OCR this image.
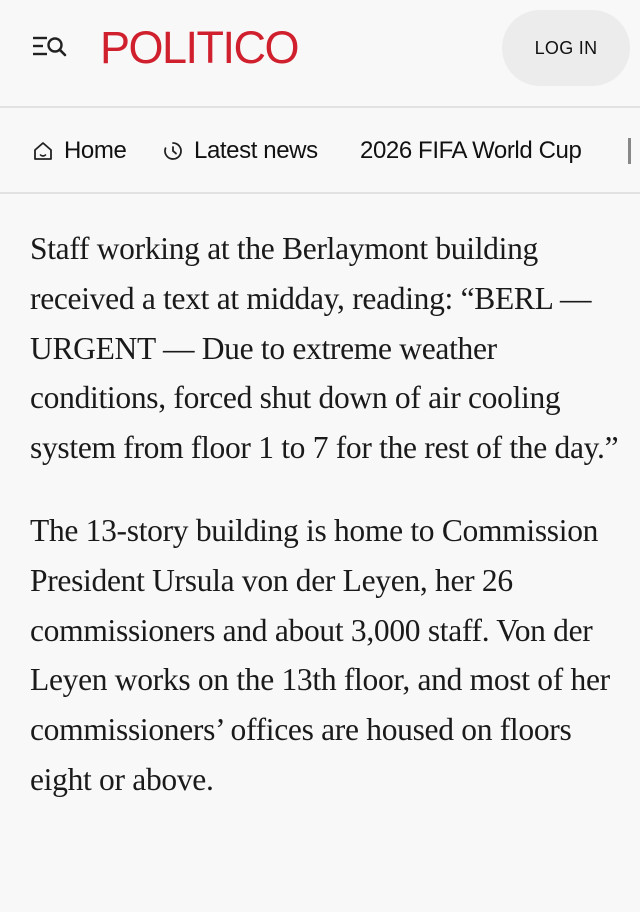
POLITICO	LOG IN
Home	Latest news 2026 FIFA World Cup

Staff working at the Berlaymont building received a text at midday, reading: “BERL — URGENT — Due to extreme weather conditions, forced shut down of air cooling system from floor 1 to 7 for the rest of the day.”

The 13-story building is home to Commission President Ursula von der Leyen, her 26 commissioners and about 3,000 staff. Von der Leyen works on the 13th floor, and most of her commissioners’ offices are housed on floors eight or above.
